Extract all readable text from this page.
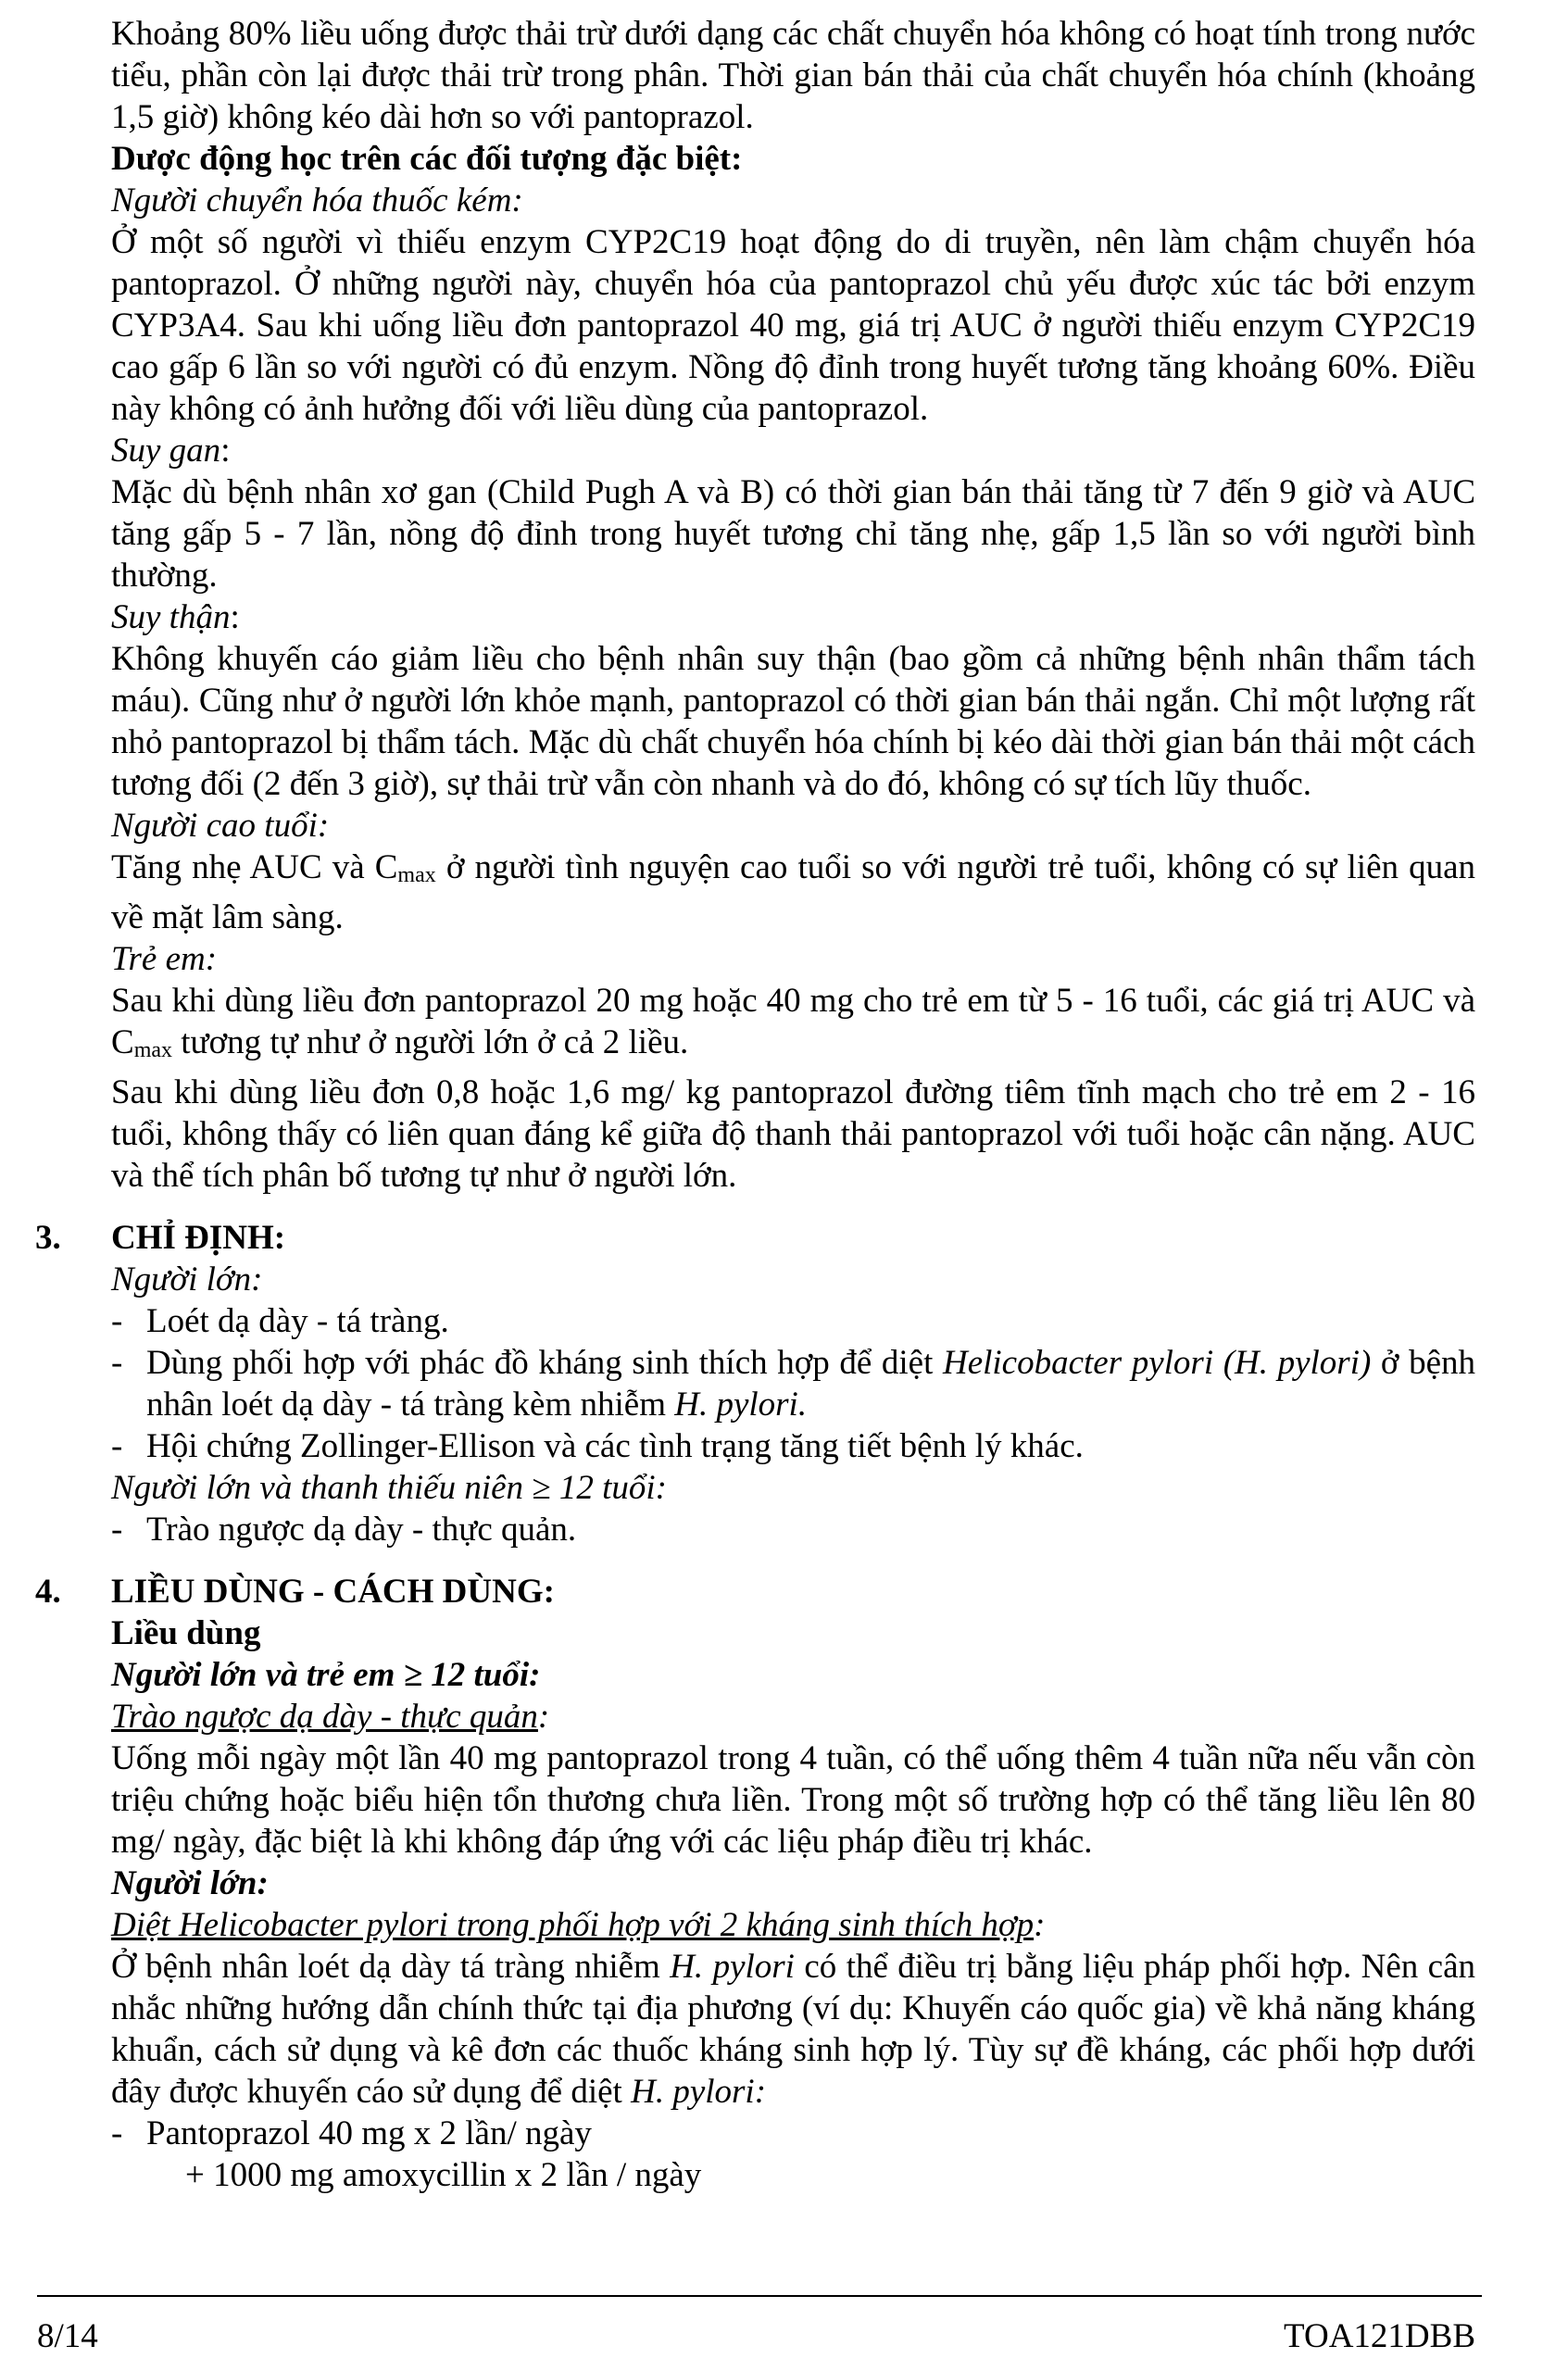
Khoảng 80% liều uống được thải trừ dưới dạng các chất chuyển hóa không có hoạt tính trong nước tiểu, phần còn lại được thải trừ trong phân. Thời gian bán thải của chất chuyển hóa chính (khoảng 1,5 giờ) không kéo dài hơn so với pantoprazol.

Dược động học trên các đối tượng đặc biệt:

Người chuyển hóa thuốc kém:

Ở một số người vì thiếu enzym CYP2C19 hoạt động do di truyền, nên làm chậm chuyển hóa pantoprazol. Ở những người này, chuyển hóa của pantoprazol chủ yếu được xúc tác bởi enzym CYP3A4. Sau khi uống liều đơn pantoprazol 40 mg, giá trị AUC ở người thiếu enzym CYP2C19 cao gấp 6 lần so với người có đủ enzym. Nồng độ đỉnh trong huyết tương tăng khoảng 60%. Điều này không có ảnh hưởng đối với liều dùng của pantoprazol.

Suy gan:

Mặc dù bệnh nhân xơ gan (Child Pugh A và B) có thời gian bán thải tăng từ 7 đến 9 giờ và AUC tăng gấp 5 - 7 lần, nồng độ đỉnh trong huyết tương chỉ tăng nhẹ, gấp 1,5 lần so với người bình thường.

Suy thận:

Không khuyến cáo giảm liều cho bệnh nhân suy thận (bao gồm cả những bệnh nhân thẩm tách máu). Cũng như ở người lớn khỏe mạnh, pantoprazol có thời gian bán thải ngắn. Chỉ một lượng rất nhỏ pantoprazol bị thẩm tách. Mặc dù chất chuyển hóa chính bị kéo dài thời gian bán thải một cách tương đối (2 đến 3 giờ), sự thải trừ vẫn còn nhanh và do đó, không có sự tích lũy thuốc.

Người cao tuổi:

Tăng nhẹ AUC và $C_{max}$ ở người tình nguyện cao tuổi so với người trẻ tuổi, không có sự liên quan về mặt lâm sàng.

Trẻ em:

Sau khi dùng liều đơn pantoprazol 20 mg hoặc 40 mg cho trẻ em từ 5 - 16 tuổi, các giá trị AUC và $C_{max}$ tương tự như ở người lớn ở cả 2 liều.

Sau khi dùng liều đơn 0,8 hoặc 1,6 mg/ kg pantoprazol đường tiêm tĩnh mạch cho trẻ em 2 - 16 tuổi, không thấy có liên quan đáng kể giữa độ thanh thải pantoprazol với tuổi hoặc cân nặng. AUC và thể tích phân bố tương tự như ở người lớn.

3. CHỈ ĐỊNH:

Người lớn:

- Loét dạ dày - tá tràng.
- Dùng phối hợp với phác đồ kháng sinh thích hợp để diệt Helicobacter pylori (H. pylori) ở bệnh nhân loét dạ dày - tá tràng kèm nhiễm H. pylori.
- Hội chứng Zollinger-Ellison và các tình trạng tăng tiết bệnh lý khác.

Người lớn và thanh thiếu niên ≥ 12 tuổi:

- Trào ngược dạ dày - thực quản.
4. LIỀU DÙNG - CÁCH DÙNG:

Liều dùng

Người lớn và trẻ em ≥ 12 tuổi:

Trào ngược dạ dày - thực quản:

Uống mỗi ngày một lần 40 mg pantoprazol trong 4 tuần, có thể uống thêm 4 tuần nữa nếu vẫn còn triệu chứng hoặc biểu hiện tổn thương chưa liền. Trong một số trường hợp có thể tăng liều lên 80 mg/ ngày, đặc biệt là khi không đáp ứng với các liệu pháp điều trị khác.

Người lớn:

Diệt Helicobacter pylori trong phối hợp với 2 kháng sinh thích hợp:

Ở bệnh nhân loét dạ dày tá tràng nhiễm H. pylori có thể điều trị bằng liệu pháp phối hợp. Nên cân nhắc những hướng dẫn chính thức tại địa phương (ví dụ: Khuyến cáo quốc gia) về khả năng kháng khuẩn, cách sử dụng và kê đơn các thuốc kháng sinh hợp lý. Tùy sự đề kháng, các phối hợp dưới đây được khuyến cáo sử dụng để diệt H. pylori:

- Pantoprazol 40 mg x 2 lần/ ngày

+ 1000 mg amoxycillin x 2 lần / ngày

8/14	TOA121DBB
